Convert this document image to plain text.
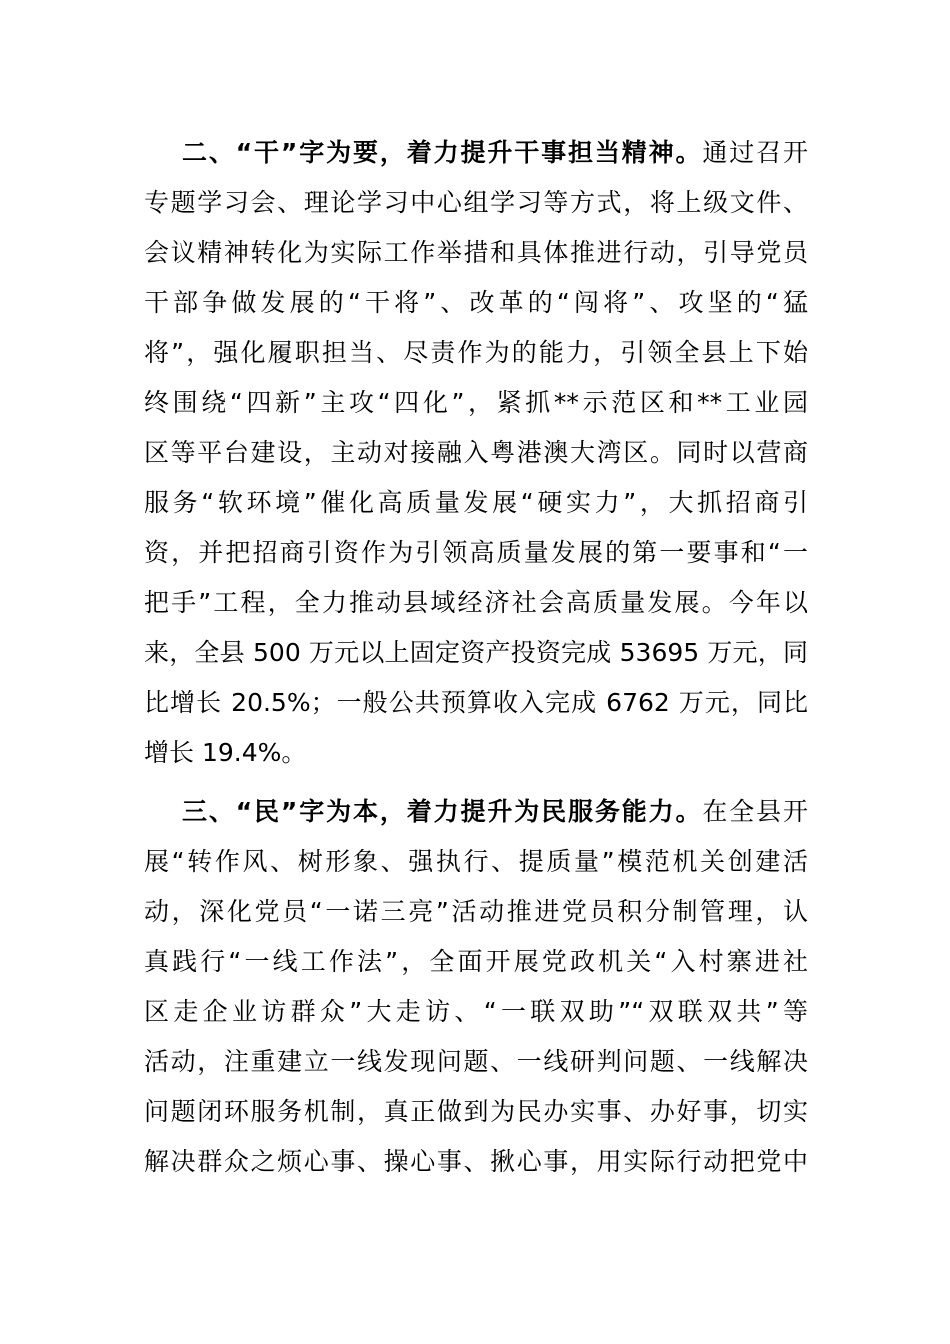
二、“干”字为要，着力提升干事担当精神。通过召开
专题学习会、理论学习中心组学习等方式，将上级文件、
会议精神转化为实际工作举措和具体推进行动，引导党员
干部争做发展的“干将”、改革的“闯将”、攻坚的“猛
将”，强化履职担当、尽责作为的能力，引领全县上下始
终围绕“四新”主攻“四化”，紧抓**示范区和**工业园
区等平台建设，主动对接融入粤港澳大湾区。同时以营商
服务“软环境”催化高质量发展“硬实力”，大抓招商引
资，并把招商引资作为引领高质量发展的第一要事和“一
把手”工程，全力推动县域经济社会高质量发展。今年以
来，全县 500 万元以上固定资产投资完成 53695 万元，同
比增长 20.5%；一般公共预算收入完成 6762 万元，同比
增长 19.4%。
三、“民”字为本，着力提升为民服务能力。在全县开
展“转作风、树形象、强执行、提质量”模范机关创建活
动，深化党员“一诺三亮”活动推进党员积分制管理，认
真践行“一线工作法”，全面开展党政机关“入村寨进社
区走企业访群众”大走访、“一联双助”“双联双共”等
活动，注重建立一线发现问题、一线研判问题、一线解决
问题闭环服务机制，真正做到为民办实事、办好事，切实
解决群众之烦心事、操心事、揪心事，用实际行动把党中
